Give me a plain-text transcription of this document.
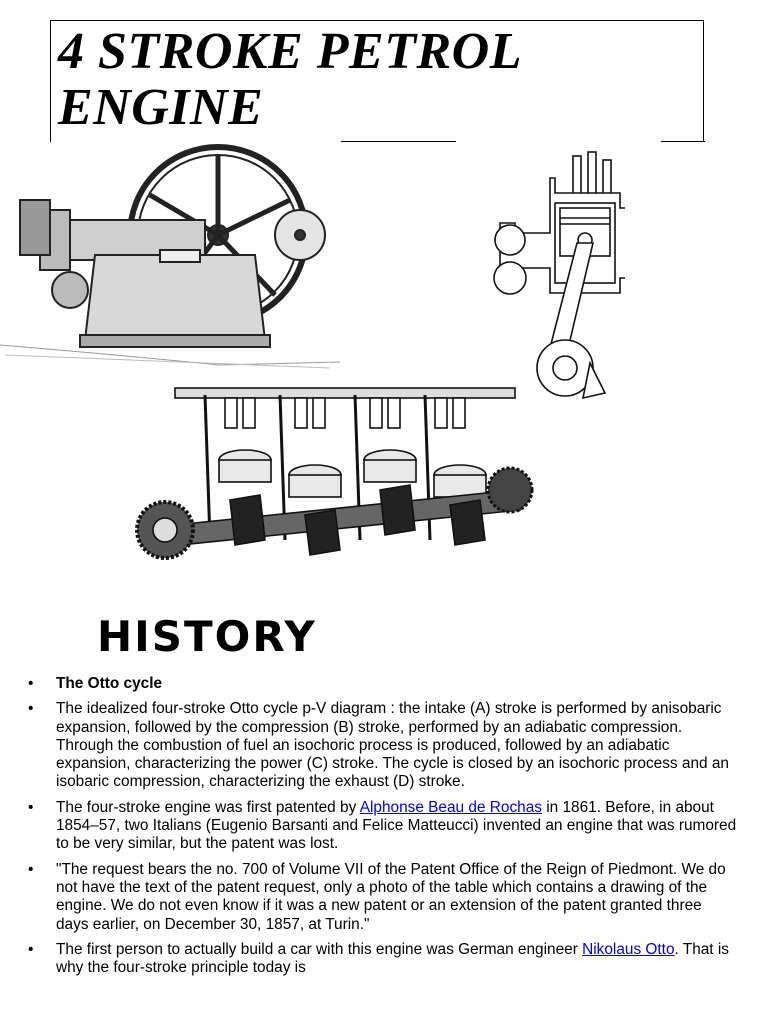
4 STROKE PETROL
ENGINE
HISTORY
• The Otto cycle
• The idealized four-stroke Otto cycle p-V diagram : the intake (A) stroke is performed by anisobaric expansion, followed by the compression (B) stroke, performed by an adiabatic compression. Through the combustion of fuel an isochoric process is produced, followed by an adiabatic expansion, characterizing the power (C) stroke. The cycle is closed by an isochoric process and an isobaric compression, characterizing the exhaust (D) stroke.
• The four-stroke engine was first patented by Alphonse Beau de Rochas in 1861. Before, in about 1854–57, two Italians (Eugenio Barsanti and Felice Matteucci) invented an engine that was rumored to be very similar, but the patent was lost.
• "The request bears the no. 700 of Volume VII of the Patent Office of the Reign of Piedmont. We do not have the text of the patent request, only a photo of the table which contains a drawing of the engine. We do not even know if it was a new patent or an extension of the patent granted three days earlier, on December 30, 1857, at Turin."
• The first person to actually build a car with this engine was German engineer Nikolaus Otto. That is why the four-stroke principle today is
